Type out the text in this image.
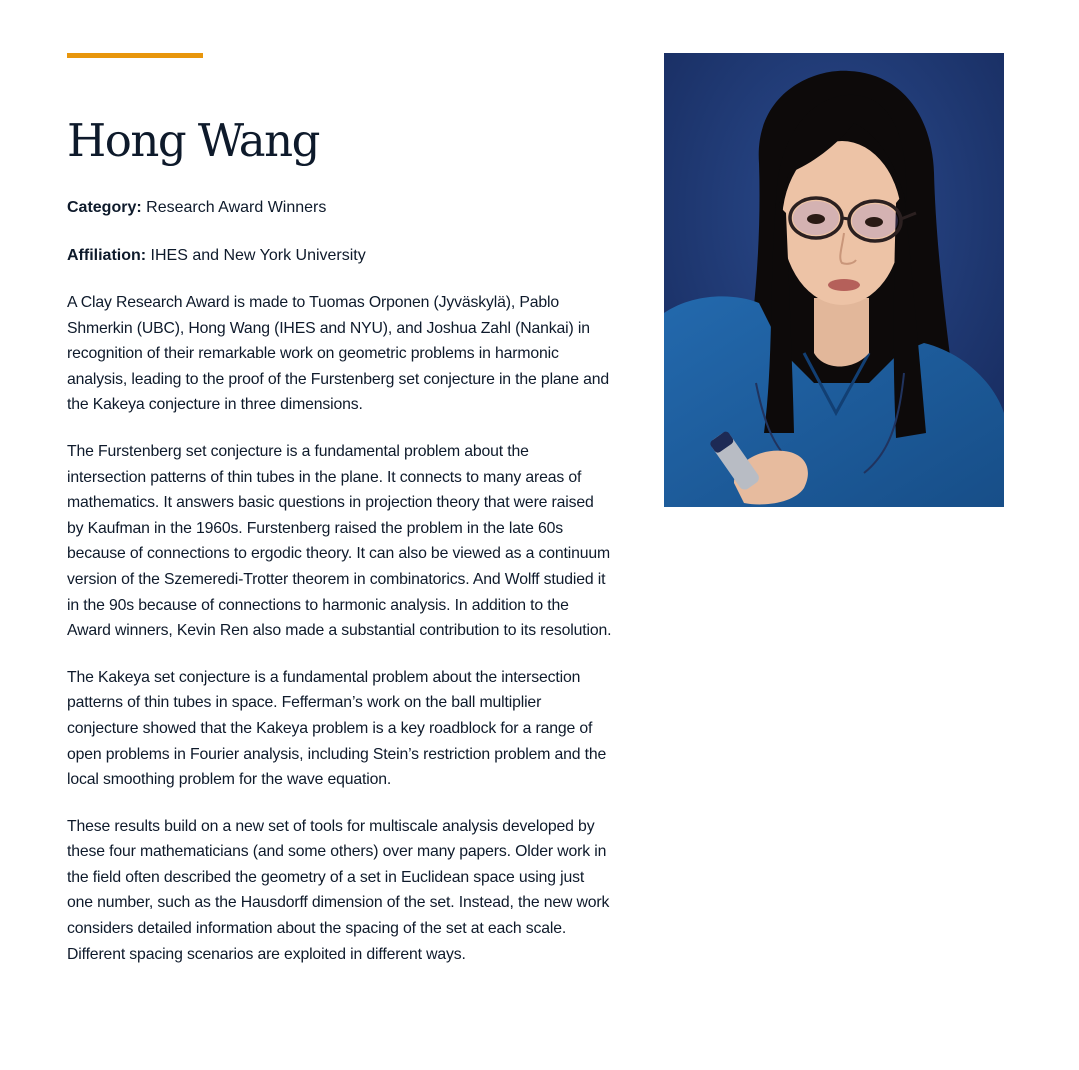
Hong Wang

Category: Research Award Winners

Affiliation: IHES and New York University

A Clay Research Award is made to Tuomas Orponen (Jyväskylä), Pablo Shmerkin (UBC), Hong Wang (IHES and NYU), and Joshua Zahl (Nankai) in recognition of their remarkable work on geometric problems in harmonic analysis, leading to the proof of the Furstenberg set conjecture in the plane and the Kakeya conjecture in three dimensions.

The Furstenberg set conjecture is a fundamental problem about the intersection patterns of thin tubes in the plane. It connects to many areas of mathematics. It answers basic questions in projection theory that were raised by Kaufman in the 1960s. Furstenberg raised the problem in the late 60s because of connections to ergodic theory. It can also be viewed as a continuum version of the Szemeredi-Trotter theorem in combinatorics. And Wolff studied it in the 90s because of connections to harmonic analysis. In addition to the Award winners, Kevin Ren also made a substantial contribution to its resolution.

The Kakeya set conjecture is a fundamental problem about the intersection patterns of thin tubes in space. Fefferman’s work on the ball multiplier conjecture showed that the Kakeya problem is a key roadblock for a range of open problems in Fourier analysis, including Stein’s restriction problem and the local smoothing problem for the wave equation.

These results build on a new set of tools for multiscale analysis developed by these four mathematicians (and some others) over many papers. Older work in the field often described the geometry of a set in Euclidean space using just one number, such as the Hausdorff dimension of the set. Instead, the new work considers detailed information about the spacing of the set at each scale. Different spacing scenarios are exploited in different ways.
